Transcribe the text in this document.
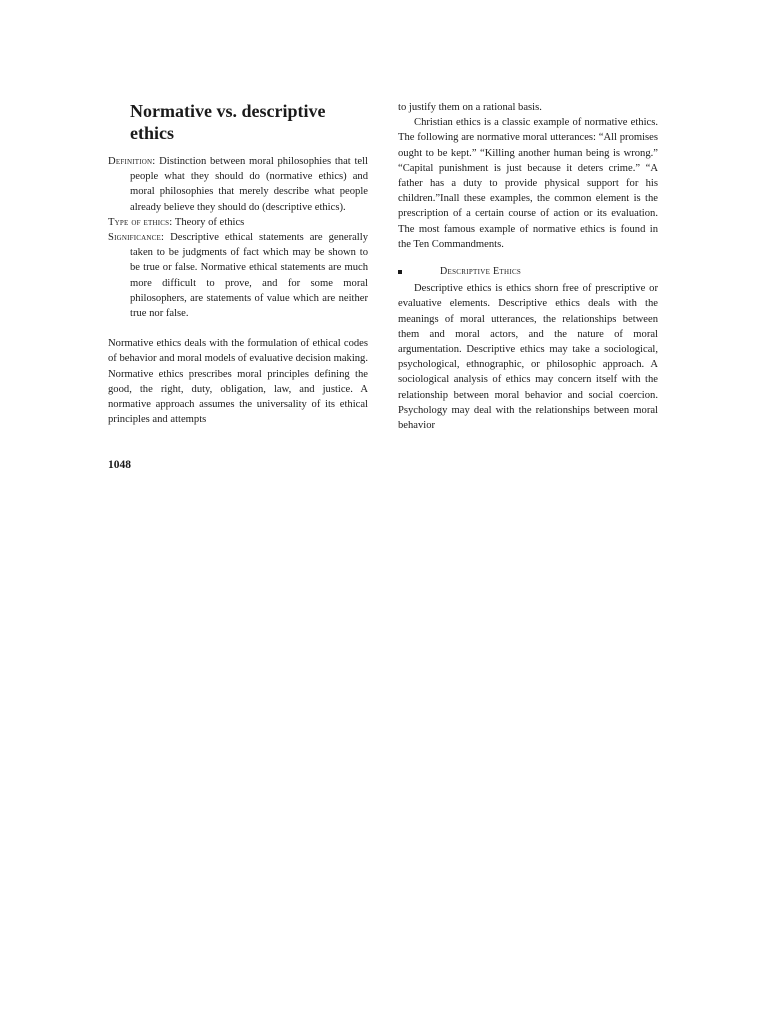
Normative vs. descriptive ethics

Definition: Distinction between moral philosophies that tell people what they should do (normative ethics) and moral philosophies that merely describe what people already believe they should do (descriptive ethics).

Type of ethics: Theory of ethics

Significance: Descriptive ethical statements are generally taken to be judgments of fact which may be shown to be true or false. Normative ethical statements are much more difficult to prove, and for some moral philosophers, are statements of value which are neither true nor false.

Normative ethics deals with the formulation of ethical codes of behavior and moral models of evaluative decision making. Normative ethics prescribes moral principles defining the good, the right, duty, obligation, law, and justice. A normative approach assumes the universality of its ethical principles and attempts

1048

to justify them on a rational basis.

Christian ethics is a classic example of normative ethics. The following are normative moral utterances: “All promises ought to be kept.” “Killing another human being is wrong.” “Capital punishment is just because it deters crime.” “A father has a duty to provide physical support for his children.”Inall these examples, the common element is the prescription of a certain course of action or its evaluation. The most famous example of normative ethics is found in the Ten Commandments.

Descriptive Ethics

Descriptive ethics is ethics shorn free of prescriptive or evaluative elements. Descriptive ethics deals with the meanings of moral utterances, the relationships between them and moral actors, and the nature of moral argumentation. Descriptive ethics may take a sociological, psychological, ethnographic, or philosophic approach. A sociological analysis of ethics may concern itself with the relationship between moral behavior and social coercion. Psychology may deal with the relationships between moral behavior
